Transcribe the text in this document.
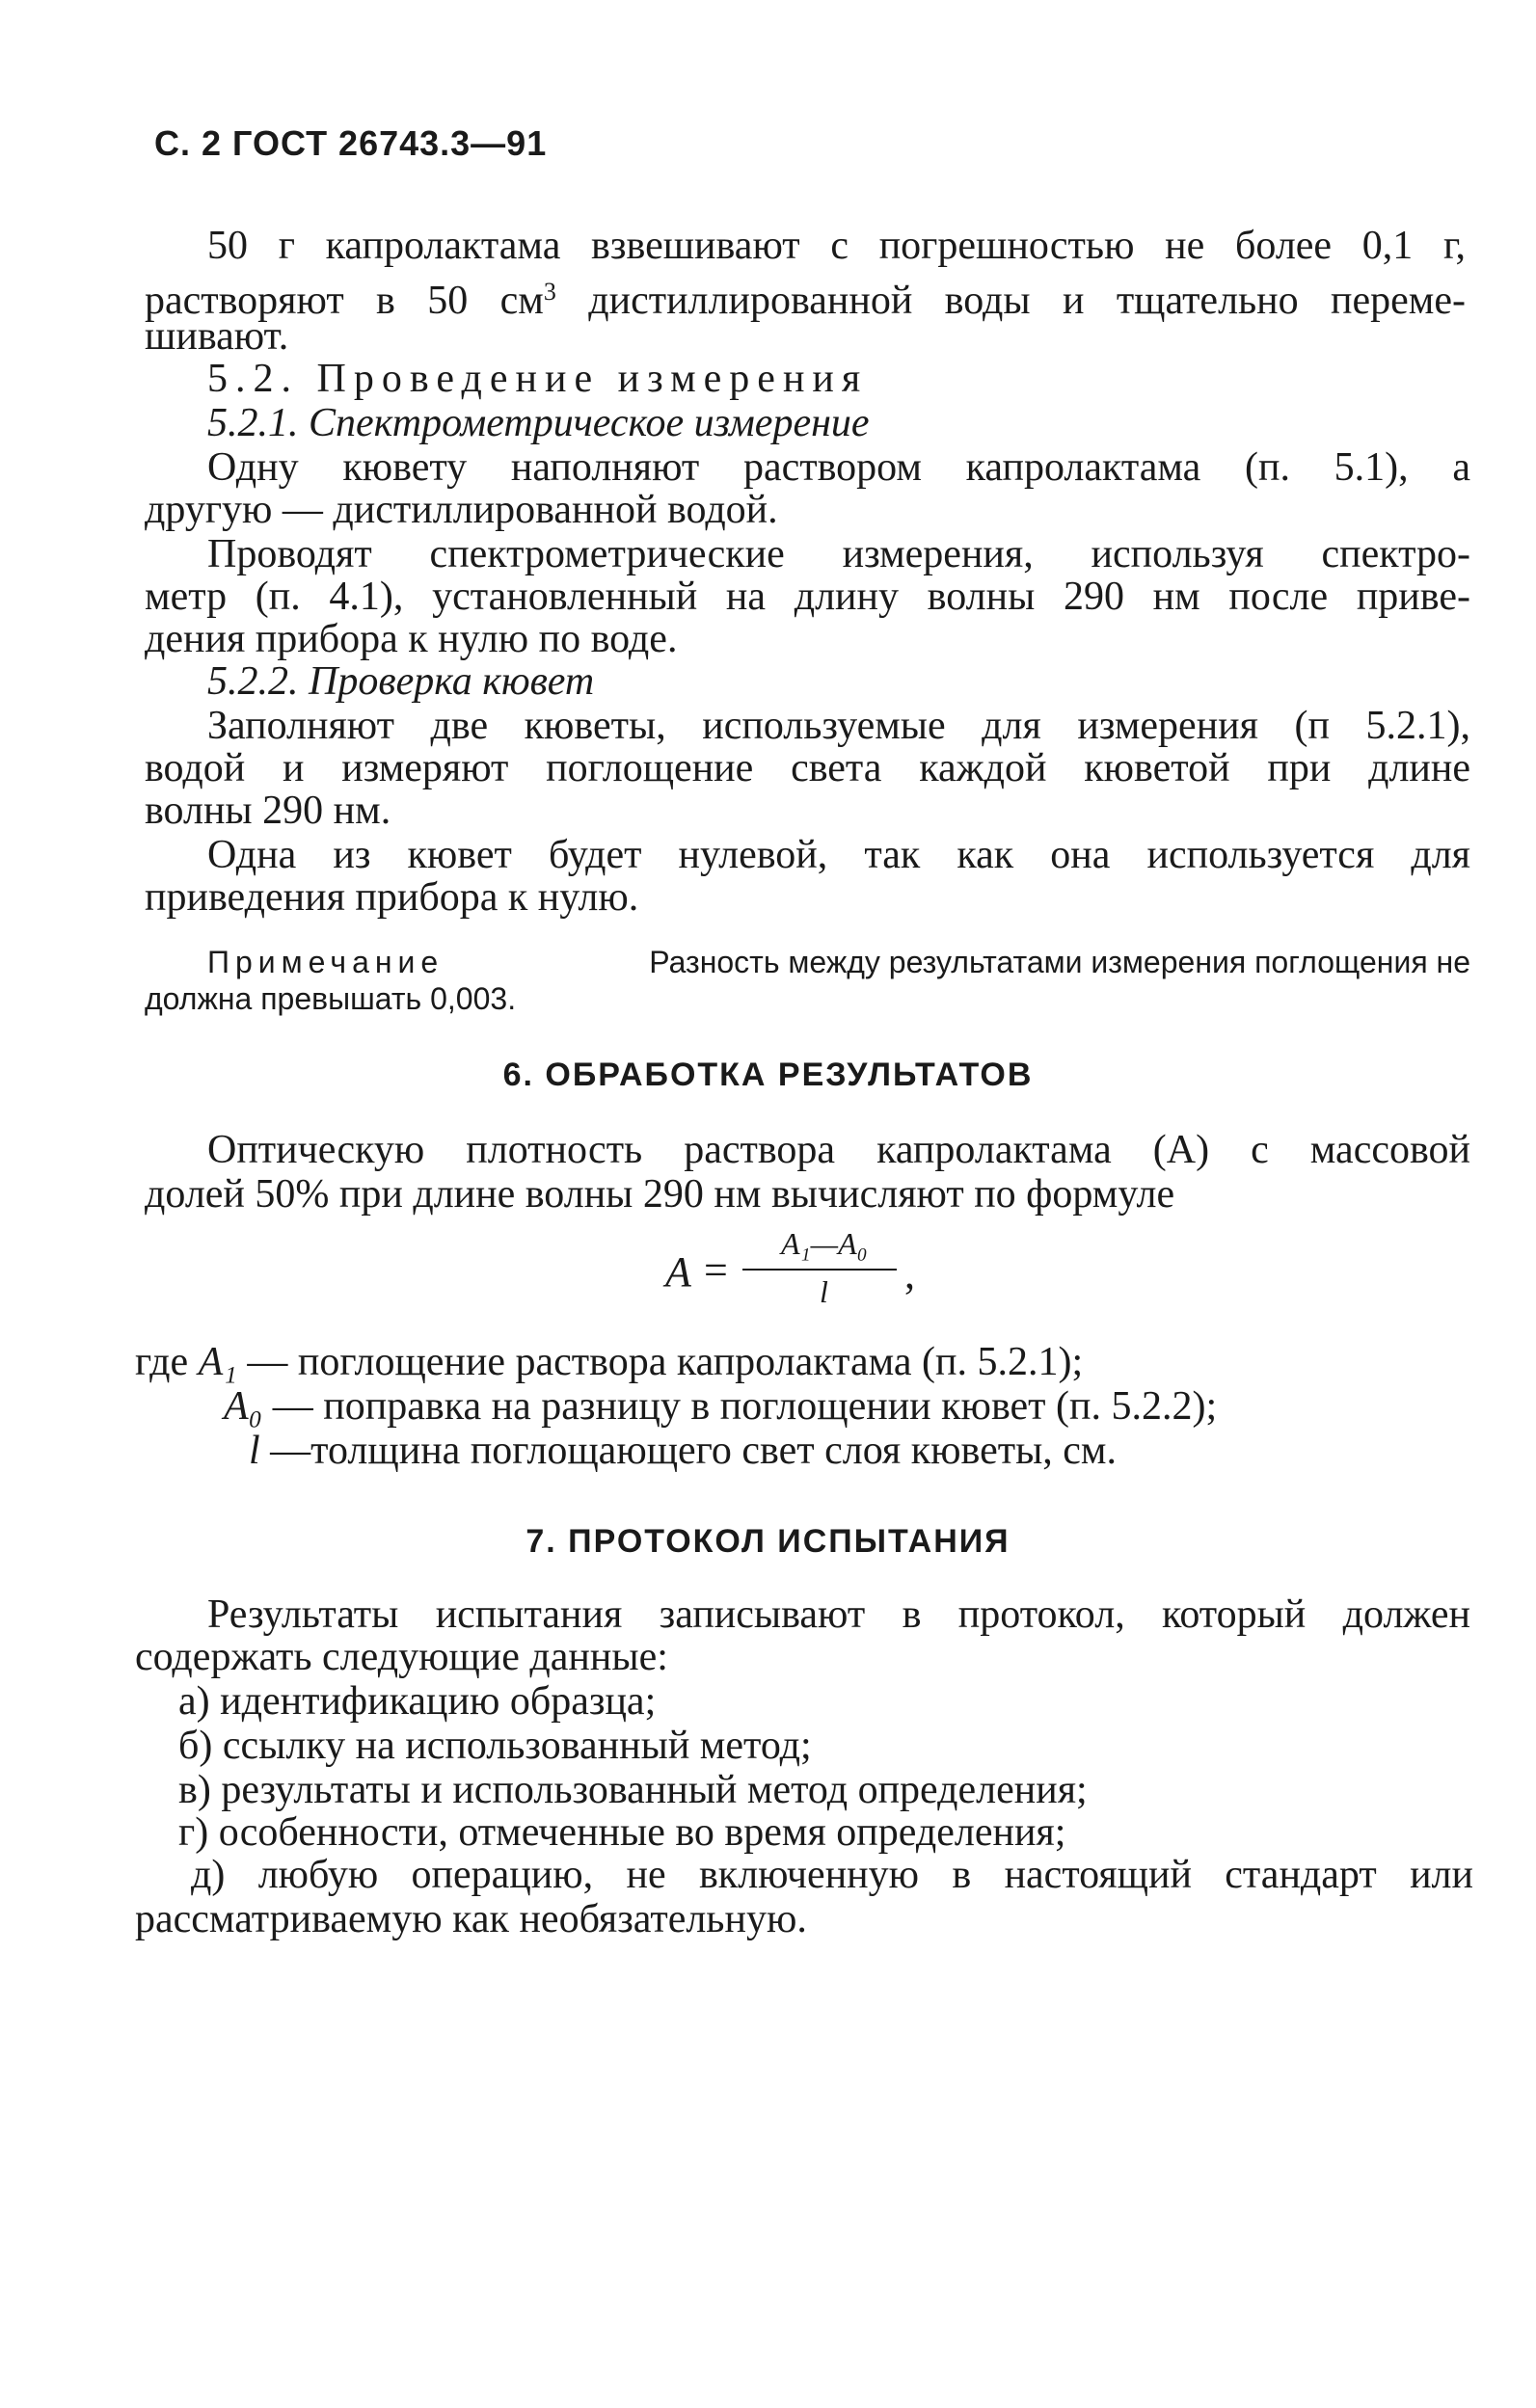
С. 2 ГОСТ 26743.3—91
50 г капролактама взвешивают с погрешностью не более 0,1 г,
растворяют в 50 $см^3$ дистиллированной воды и тщательно переме-
шивают.
5.2. Проведение измерения
5.2.1. Спектрометрическое измерение
Одну кювету наполняют раствором капролактама (п. 5.1), а
другую — дистиллированной водой.
Проводят спектрометрические измерения, используя спектро-
метр (п. 4.1), установленный на длину волны 290 нм после приве-
дения прибора к нулю по воде.
5.2.2. Проверка кювет
Заполняют две кюветы, используемые для измерения (п 5.2.1),
водой и измеряют поглощение света каждой кюветой при длине
волны 290 нм.
Одна из кювет будет нулевой, так как она используется для
приведения прибора к нулю.
Примечание	Разность между результатами измерения поглощения не
должна превышать 0,003.
6. ОБРАБОТКА РЕЗУЛЬТАТОВ
Оптическую плотность раствора капролактама (A) с массовой
долей 50% при длине волны 290 нм вычисляют по формуле
A =
A₁—A₀
l ,
где A₁ — поглощение раствора капролактама (п. 5.2.1);
A₀ — поправка на разницу в поглощении кювет (п. 5.2.2);
l —толщина поглощающего свет слоя кюветы, см.
7. ПРОТОКОЛ ИСПЫТАНИЯ
Результаты испытания записывают в протокол, который должен
содержать следующие данные:
а) идентификацию образца;
б) ссылку на использованный метод;
в) результаты и использованный метод определения;
г) особенности, отмеченные во время определения;
д) любую операцию, не включенную в настоящий стандарт или
рассматриваемую как необязательную.
